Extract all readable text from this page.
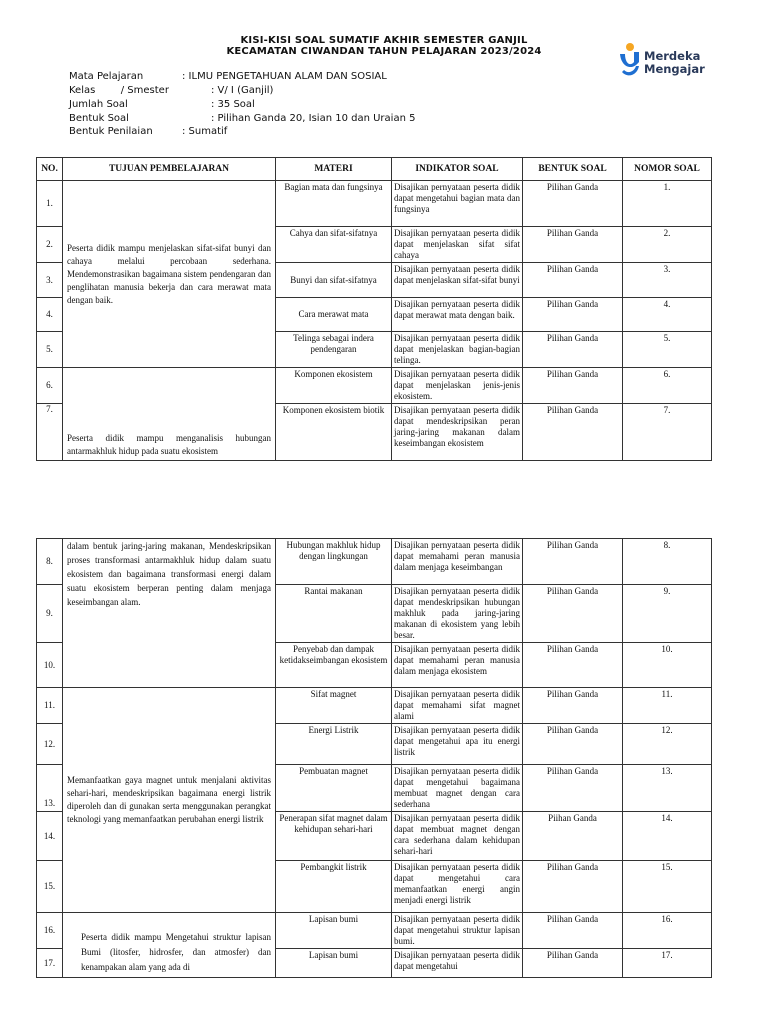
KISI-KISI SOAL SUMATIF AKHIR SEMESTER GANJIL
KECAMATAN CIWANDAN TAHUN PELAJARAN 2023/2024	Merdeka
Mengajar
Mata Pelajaran	: ILMU PENGETAHUAN ALAM DAN SOSIAL
Kelas        / Smester	: V/ I (Ganjil)
Jumlah Soal	: 35 Soal
Bentuk Soal	: Pilihan Ganda 20, Isian 10 dan Uraian 5
Bentuk Penilaian	: Sumatif
NO.	TUJUAN PEMBELAJARAN	MATERI	INDIKATOR SOAL	BENTUK SOAL	NOMOR SOAL
1.	Peserta didik mampu menjelaskan sifat-sifat bunyi dan cahaya melalui percobaan sederhana. Mendemonstrasikan bagaimana sistem pendengaran dan penglihatan manusia bekerja dan cara merawat mata dengan baik.	Bagian mata dan fungsinya	Disajikan pernyataan peserta didik dapat mengetahui bagian mata dan fungsinya	Pilihan Ganda	1.
2.		Cahya dan sifat-sifatnya	Disajikan pernyataan peserta didik dapat menjelaskan sifat sifat cahaya	Pilihan Ganda	2.
3.		Bunyi dan sifat-sifatnya	Disajikan pernyataan peserta didik dapat menjelaskan sifat-sifat bunyi	Pilihan Ganda	3.
4.		Cara merawat mata	Disajikan pernyataan peserta didik dapat merawat mata dengan baik.	Pilihan Ganda	4.
5.		Telinga sebagai indera pendengaran	Disajikan pernyataan peserta didik dapat menjelaskan bagian-bagian telinga.	Pilihan Ganda	5.
6.	Peserta didik mampu menganalisis hubungan antarmakhluk hidup pada suatu ekosistem	Komponen ekosistem	Disajikan pernyataan peserta didik dapat menjelaskan jenis-jenis ekosistem.	Pilihan Ganda	6.
7.		Komponen ekosistem biotik	Disajikan pernyataan peserta didik dapat mendeskripsikan peran jaring-jaring makanan dalam keseimbangan ekosistem	Pilihan Ganda	7.
8.	dalam bentuk jaring-jaring makanan, Mendeskripsikan proses transformasi antarmakhluk hidup dalam suatu ekosistem dan bagaimana transformasi energi dalam suatu ekosistem berperan penting dalam menjaga keseimbangan alam.	Hubungan makhluk hidup dengan lingkungan	Disajikan pernyataan peserta didik dapat memahami peran manusia dalam menjaga keseimbangan	Pilihan Ganda	8.
9.		Rantai makanan	Disajikan pernyataan peserta didik dapat mendeskripsikan hubungan makhluk pada jaring-jaring makanan di ekosistem yang lebih besar.	Pilihan Ganda	9.
10.		Penyebab dan dampak ketidakseimbangan ekosistem	Disajikan pernyataan peserta didik dapat memahami peran manusia dalam menjaga ekosistem	Pilihan Ganda	10.
11.	Memanfaatkan gaya magnet untuk menjalani aktivitas sehari-hari, mendeskripsikan bagaimana energi listrik diperoleh dan di gunakan serta menggunakan perangkat teknologi yang memanfaatkan perubahan energi listrik	Sifat magnet	Disajikan pernyataan peserta didik dapat memahami sifat magnet alami	Pilihan Ganda	11.
12.		Energi Listrik	Disajikan pernyataan peserta didik dapat mengetahui apa itu energi listrik	Pilihan Ganda	12.
13.		Pembuatan magnet	Disajikan pernyataan peserta didik dapat mengetahui bagaimana membuat magnet dengan cara sederhana	Pilihan Ganda	13.
14.		Penerapan sifat magnet dalam kehidupan sehari-hari	Disajikan pernyataan peserta didik dapat membuat magnet dengan cara sederhana dalam kehidupan sehari-hari	Piihan Ganda	14.
15.		Pembangkit listrik	Disajikan pernyataan peserta didik dapat mengetahui cara memanfaatkan energi angin menjadi energi listrik	Pilihan Ganda	15.
16.	Peserta didik mampu Mengetahui struktur lapisan Bumi (litosfer, hidrosfer, dan atmosfer) dan kenampakan alam yang ada di	Lapisan bumi	Disajikan pernyataan peserta didik dapat mengetahui struktur lapisan bumi.	Pilihan Ganda	16.
17.		Lapisan bumi	Disajikan pernyataan peserta didik dapat mengetahui	Pilihan Ganda	17.
